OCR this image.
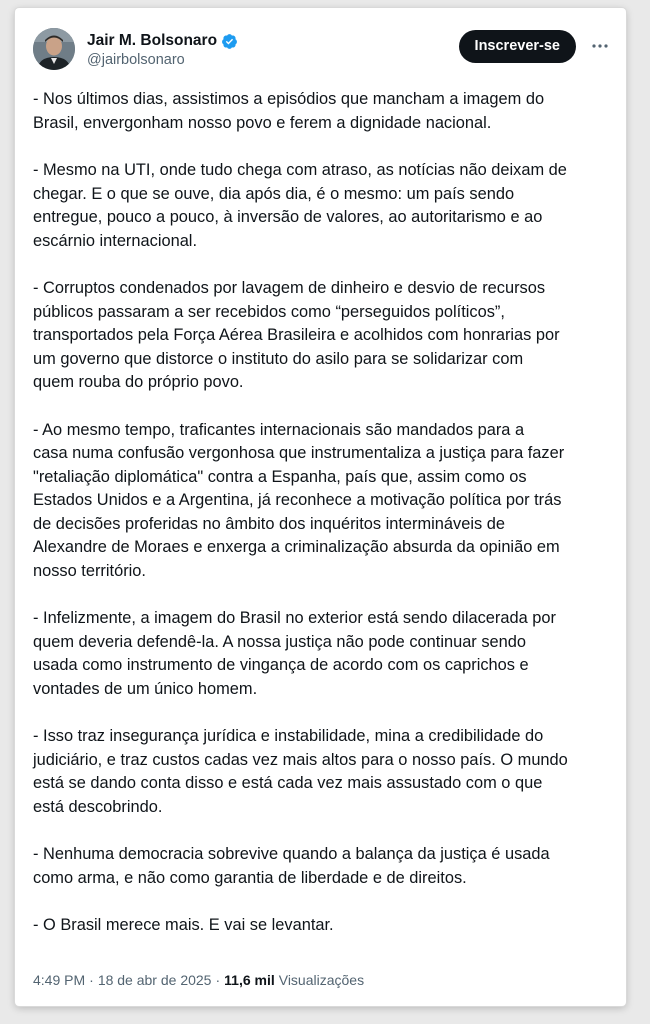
Jair M. Bolsonaro
@jairbolsonaro
Inscrever-se

- Nos últimos dias, assistimos a episódios que mancham a imagem do
Brasil, envergonham nosso povo e ferem a dignidade nacional.

- Mesmo na UTI, onde tudo chega com atraso, as notícias não deixam de
chegar. E o que se ouve, dia após dia, é o mesmo: um país sendo
entregue, pouco a pouco, à inversão de valores, ao autoritarismo e ao
escárnio internacional.

- Corruptos condenados por lavagem de dinheiro e desvio de recursos
públicos passaram a ser recebidos como “perseguidos políticos”,
transportados pela Força Aérea Brasileira e acolhidos com honrarias por
um governo que distorce o instituto do asilo para se solidarizar com
quem rouba do próprio povo.

- Ao mesmo tempo, traficantes internacionais são mandados para a
casa numa confusão vergonhosa que instrumentaliza a justiça para fazer
"retaliação diplomática" contra a Espanha, país que, assim como os
Estados Unidos e a Argentina, já reconhece a motivação política por trás
de decisões proferidas no âmbito dos inquéritos intermináveis de
Alexandre de Moraes e enxerga a criminalização absurda da opinião em
nosso território.

- Infelizmente, a imagem do Brasil no exterior está sendo dilacerada por
quem deveria defendê-la. A nossa justiça não pode continuar sendo
usada como instrumento de vingança de acordo com os caprichos e
vontades de um único homem.

- Isso traz insegurança jurídica e instabilidade, mina a credibilidade do
judiciário, e traz custos cadas vez mais altos para o nosso país. O mundo
está se dando conta disso e está cada vez mais assustado com o que
está descobrindo.

- Nenhuma democracia sobrevive quando a balança da justiça é usada
como arma, e não como garantia de liberdade e de direitos.

- O Brasil merece mais. E vai se levantar.

4:49 PM · 18 de abr de 2025 · 11,6 mil Visualizações
